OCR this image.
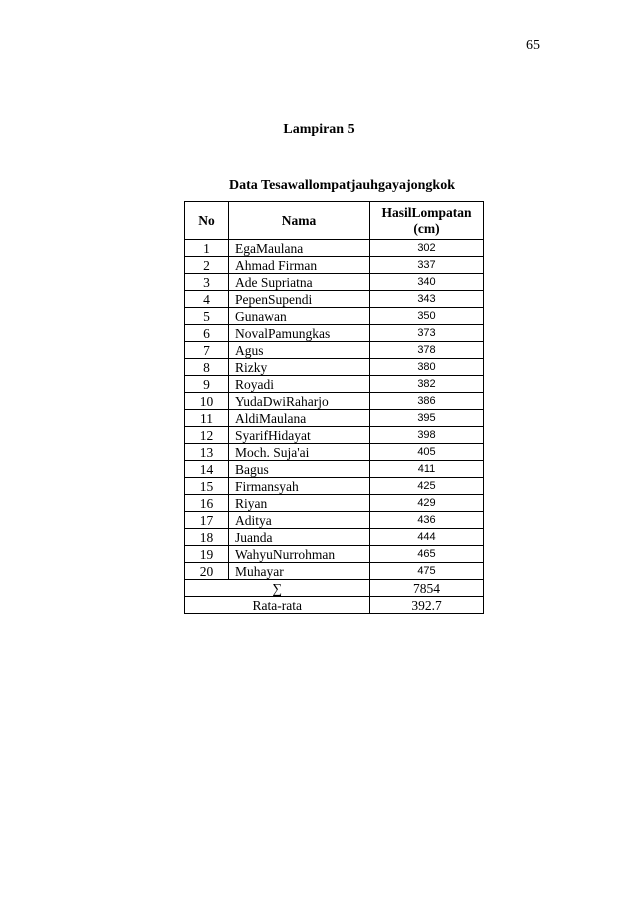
65
Lampiran 5
Data Tesawallompatjauhgayajongkok
No	Nama	HasilLompatan
(cm)
1	EgaMaulana	302
2	Ahmad Firman	337
3	Ade Supriatna	340
4	PepenSupendi	343
5	Gunawan	350
6	NovalPamungkas	373
7	Agus	378
8	Rizky	380
9	Royadi	382
10	YudaDwiRaharjo	386
11	AldiMaulana	395
12	SyarifHidayat	398
13	Moch. Suja'ai	405
14	Bagus	411
15	Firmansyah	425
16	Riyan	429
17	Aditya	436
18	Juanda	444
19	WahyuNurrohman	465
20	Muhayar	475
	∑	7854
	Rata-rata	392.7
